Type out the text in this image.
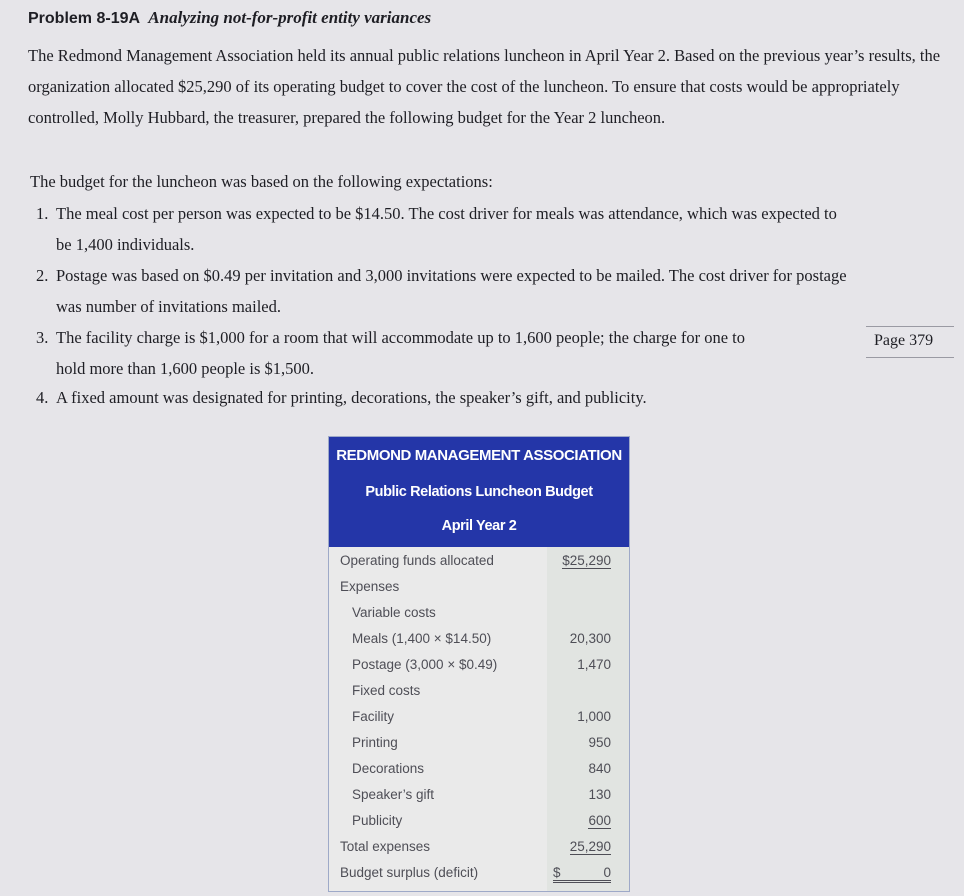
Problem 8-19A Analyzing not-for-profit entity variances
The Redmond Management Association held its annual public relations luncheon in April Year 2. Based on the previous year’s results, the organization allocated $25,290 of its operating budget to cover the cost of the luncheon. To ensure that costs would be appropriately controlled, Molly Hubbard, the treasurer, prepared the following budget for the Year 2 luncheon.
The budget for the luncheon was based on the following expectations:
1. The meal cost per person was expected to be $14.50. The cost driver for meals was attendance, which was expected to
be 1,400 individuals.
2. Postage was based on $0.49 per invitation and 3,000 invitations were expected to be mailed. The cost driver for postage
was number of invitations mailed.
3. The facility charge is $1,000 for a room that will accommodate up to 1,600 people; the charge for one to
hold more than 1,600 people is $1,500.
4. A fixed amount was designated for printing, decorations, the speaker’s gift, and publicity.
Page 379
REDMOND MANAGEMENT ASSOCIATION
Public Relations Luncheon Budget
April Year 2
Operating funds allocated	$25,290
Expenses
Variable costs
Meals (1,400 × $14.50)	20,300
Postage (3,000 × $0.49)	1,470
Fixed costs
Facility	1,000
Printing	950
Decorations	840
Speaker’s gift	130
Publicity	600
Total expenses	25,290
Budget surplus (deficit)	$	0
